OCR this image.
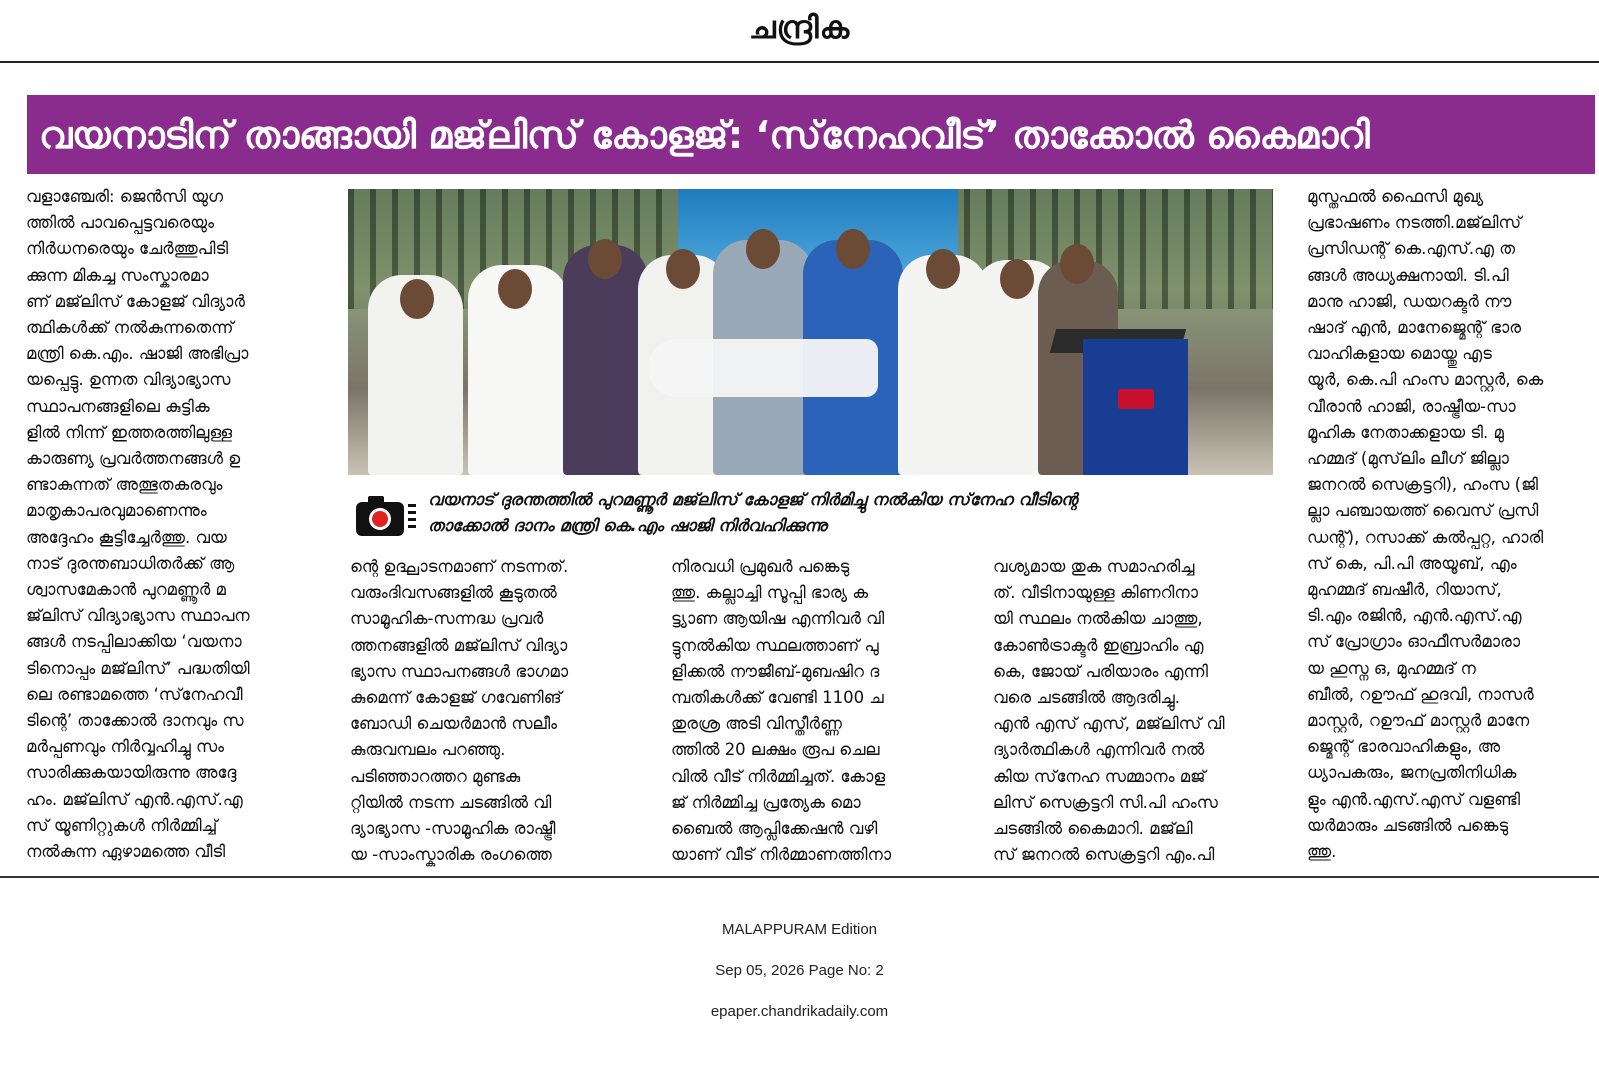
ചന്ദ്രിക
വയനാടിന് താങ്ങായി മജ്‌ലിസ് കോളജ്: ‘സ്‌നേഹവീട്’ താക്കോൽ കൈമാറി

വളാഞ്ചേരി: ജെൻസി യുഗ

ത്തിൽ പാവപ്പെട്ടവരെയും

നിർധനരെയും ചേർത്തുപിടി

ക്കുന്ന മികച്ച സംസ്കാരമാ

ണ് മജ്‌ലിസ് കോളജ് വിദ്യാർ

ത്ഥികൾക്ക് നൽകുന്നതെന്ന്

മന്ത്രി കെ.എം. ഷാജി അഭിപ്രാ

യപ്പെട്ടു. ഉന്നത വിദ്യാഭ്യാസ

സ്ഥാപനങ്ങളിലെ കുട്ടിക

ളിൽ നിന്ന് ഇത്തരത്തിലുള്ള

കാരുണ്യ പ്രവർത്തനങ്ങൾ ഉ

ണ്ടാകുന്നത് അത്ഭുതകരവും

മാതൃകാപരവുമാണെന്നും

അദ്ദേഹം കൂട്ടിച്ചേർത്തു. വയ

നാട് ദുരന്തബാധിതർക്ക് ആ

ശ്വാസമേകാൻ പുറമണ്ണൂർ മ

ജ്‌ലിസ് വിദ്യാഭ്യാസ സ്ഥാപന

ങ്ങൾ നടപ്പിലാക്കിയ ‘വയനാ

ടിനൊപ്പം മജ്‌ലിസ്’ പദ്ധതിയി

ലെ രണ്ടാമത്തെ ‘സ്‌നേഹവീ

ടിന്റെ’ താക്കോൽ ദാനവും സ

മർപ്പണവും നിർവ്വഹിച്ചു സം

സാരിക്കുകയായിരുന്നു അദ്ദേ

ഹം. മജ്‌ലിസ് എൻ.എസ്.എ

സ് യൂണിറ്റുകൾ നിർമ്മിച്ച്

നൽകുന്ന ഏഴാമത്തെ വീടി

വയനാട് ദുരന്തത്തിൽ പുറമണ്ണൂർ മജ്‌ലിസ് കോളജ് നിർമിച്ചു നൽകിയ സ്‌നേഹ വീടിന്റെ

താക്കോൽ ദാനം മന്ത്രി കെ.എം ഷാജി നിർവഹിക്കുന്നു

ന്റെ ഉദ്ഘാടനമാണ് നടന്നത്.

വരുംദിവസങ്ങളിൽ കൂടുതൽ

സാമൂഹിക-സന്നദ്ധ പ്രവർ

ത്തനങ്ങളിൽ മജ്‌ലിസ് വിദ്യാ

ഭ്യാസ സ്ഥാപനങ്ങൾ ഭാഗമാ

കുമെന്ന് കോളജ് ഗവേണിങ്

ബോഡി ചെയർമാൻ സലീം

കുരുവമ്പലം പറഞ്ഞു.

പടിഞ്ഞാറത്തറ മുണ്ടകു

റ്റിയിൽ നടന്ന ചടങ്ങിൽ വി

ദ്യാഭ്യാസ -സാമൂഹിക രാഷ്ട്രീ

യ -സാംസ്കാരിക രംഗത്തെ

നിരവധി പ്രമുഖർ പങ്കെടു

ത്തു. കല്ലാച്ചി സൂപ്പി ഭാര്യ ക

ട്ട്യാണ ആയിഷ എന്നിവർ വി

ട്ടുനൽകിയ സ്ഥലത്താണ് പു

ളിക്കൽ നൗജീബ്-മുബഷിറ ദ

മ്പതികൾക്ക് വേണ്ടി 1100 ച

തുരശ്ര അടി വിസ്തീർണ്ണ

ത്തിൽ 20 ലക്ഷം രൂപ ചെല

വിൽ വീട് നിർമ്മിച്ചത്. കോള

ജ് നിർമ്മിച്ച പ്രത്യേക മൊ

ബൈൽ ആപ്ലിക്കേഷൻ വഴി

യാണ് വീട് നിർമ്മാണത്തിനാ

വശ്യമായ തുക സമാഹരിച്ച

ത്. വീടിനായുള്ള കിണറിനാ

യി സ്ഥലം നൽകിയ ചാത്തു,

കോൺട്രാക്ടർ ഇബ്രാഹിം എ

കെ, ജോയ് പരിയാരം എന്നി

വരെ ചടങ്ങിൽ ആദരിച്ചു.

എൻ എസ് എസ്, മജ്‌ലിസ് വി

ദ്യാർത്ഥികൾ എന്നിവർ നൽ

കിയ സ്‌നേഹ സമ്മാനം മജ്

ലിസ് സെക്രട്ടറി സി.പി ഹംസ

ചടങ്ങിൽ കൈമാറി. മജ്‌ലി

സ് ജനറൽ സെക്രട്ടറി എം.പി

മുസ്തഫൽ ഫൈസി മുഖ്യ

പ്രഭാഷണം നടത്തി.മജ്‌ലിസ്

പ്രസിഡന്റ് കെ.എസ്.എ ത

ങ്ങൾ അധ്യക്ഷനായി. ടി.പി

മാനു ഹാജി, ഡയറക്ടർ നൗ

ഷാദ് എൻ, മാനേജ്മെന്റ് ഭാര

വാഹികളായ മൊയ്തു എട

യൂർ, കെ.പി ഹംസ മാസ്റ്റർ, കെ

വീരാൻ ഹാജി, രാഷ്ട്രീയ-സാ

മൂഹിക നേതാക്കളായ ടി. മു

ഹമ്മദ് (മുസ്‌ലിം ലീഗ് ജില്ലാ

ജനറൽ സെക്രട്ടറി), ഹംസ (ജി

ല്ലാ പഞ്ചായത്ത് വൈസ് പ്രസി

ഡന്റ്), റസാക്ക് കൽപ്പറ്റ, ഹാരി

സ് കെ, പി.പി അയൂബ്, എം

മുഹമ്മദ് ബഷീർ, റിയാസ്,

ടി.എം രജിൻ, എൻ.എസ്.എ

സ് പ്രോഗ്രാം ഓഫീസർമാരാ

യ ഹുസ്ന ഒ, മുഹമ്മദ് ന

ബീൽ, റഊഫ് ഹുദവി, നാസർ

മാസ്റ്റർ, റഊഫ് മാസ്റ്റർ മാനേ

ജ്മെന്റ് ഭാരവാഹികളും, അ

ധ്യാപകരും, ജനപ്രതിനിധിക

ളും എൻ.എസ്.എസ് വളണ്ടി

യർമാരും ചടങ്ങിൽ പങ്കെടു

ത്തു.

MALAPPURAM Edition
Sep 05, 2026 Page No: 2
epaper.chandrikadaily.com
